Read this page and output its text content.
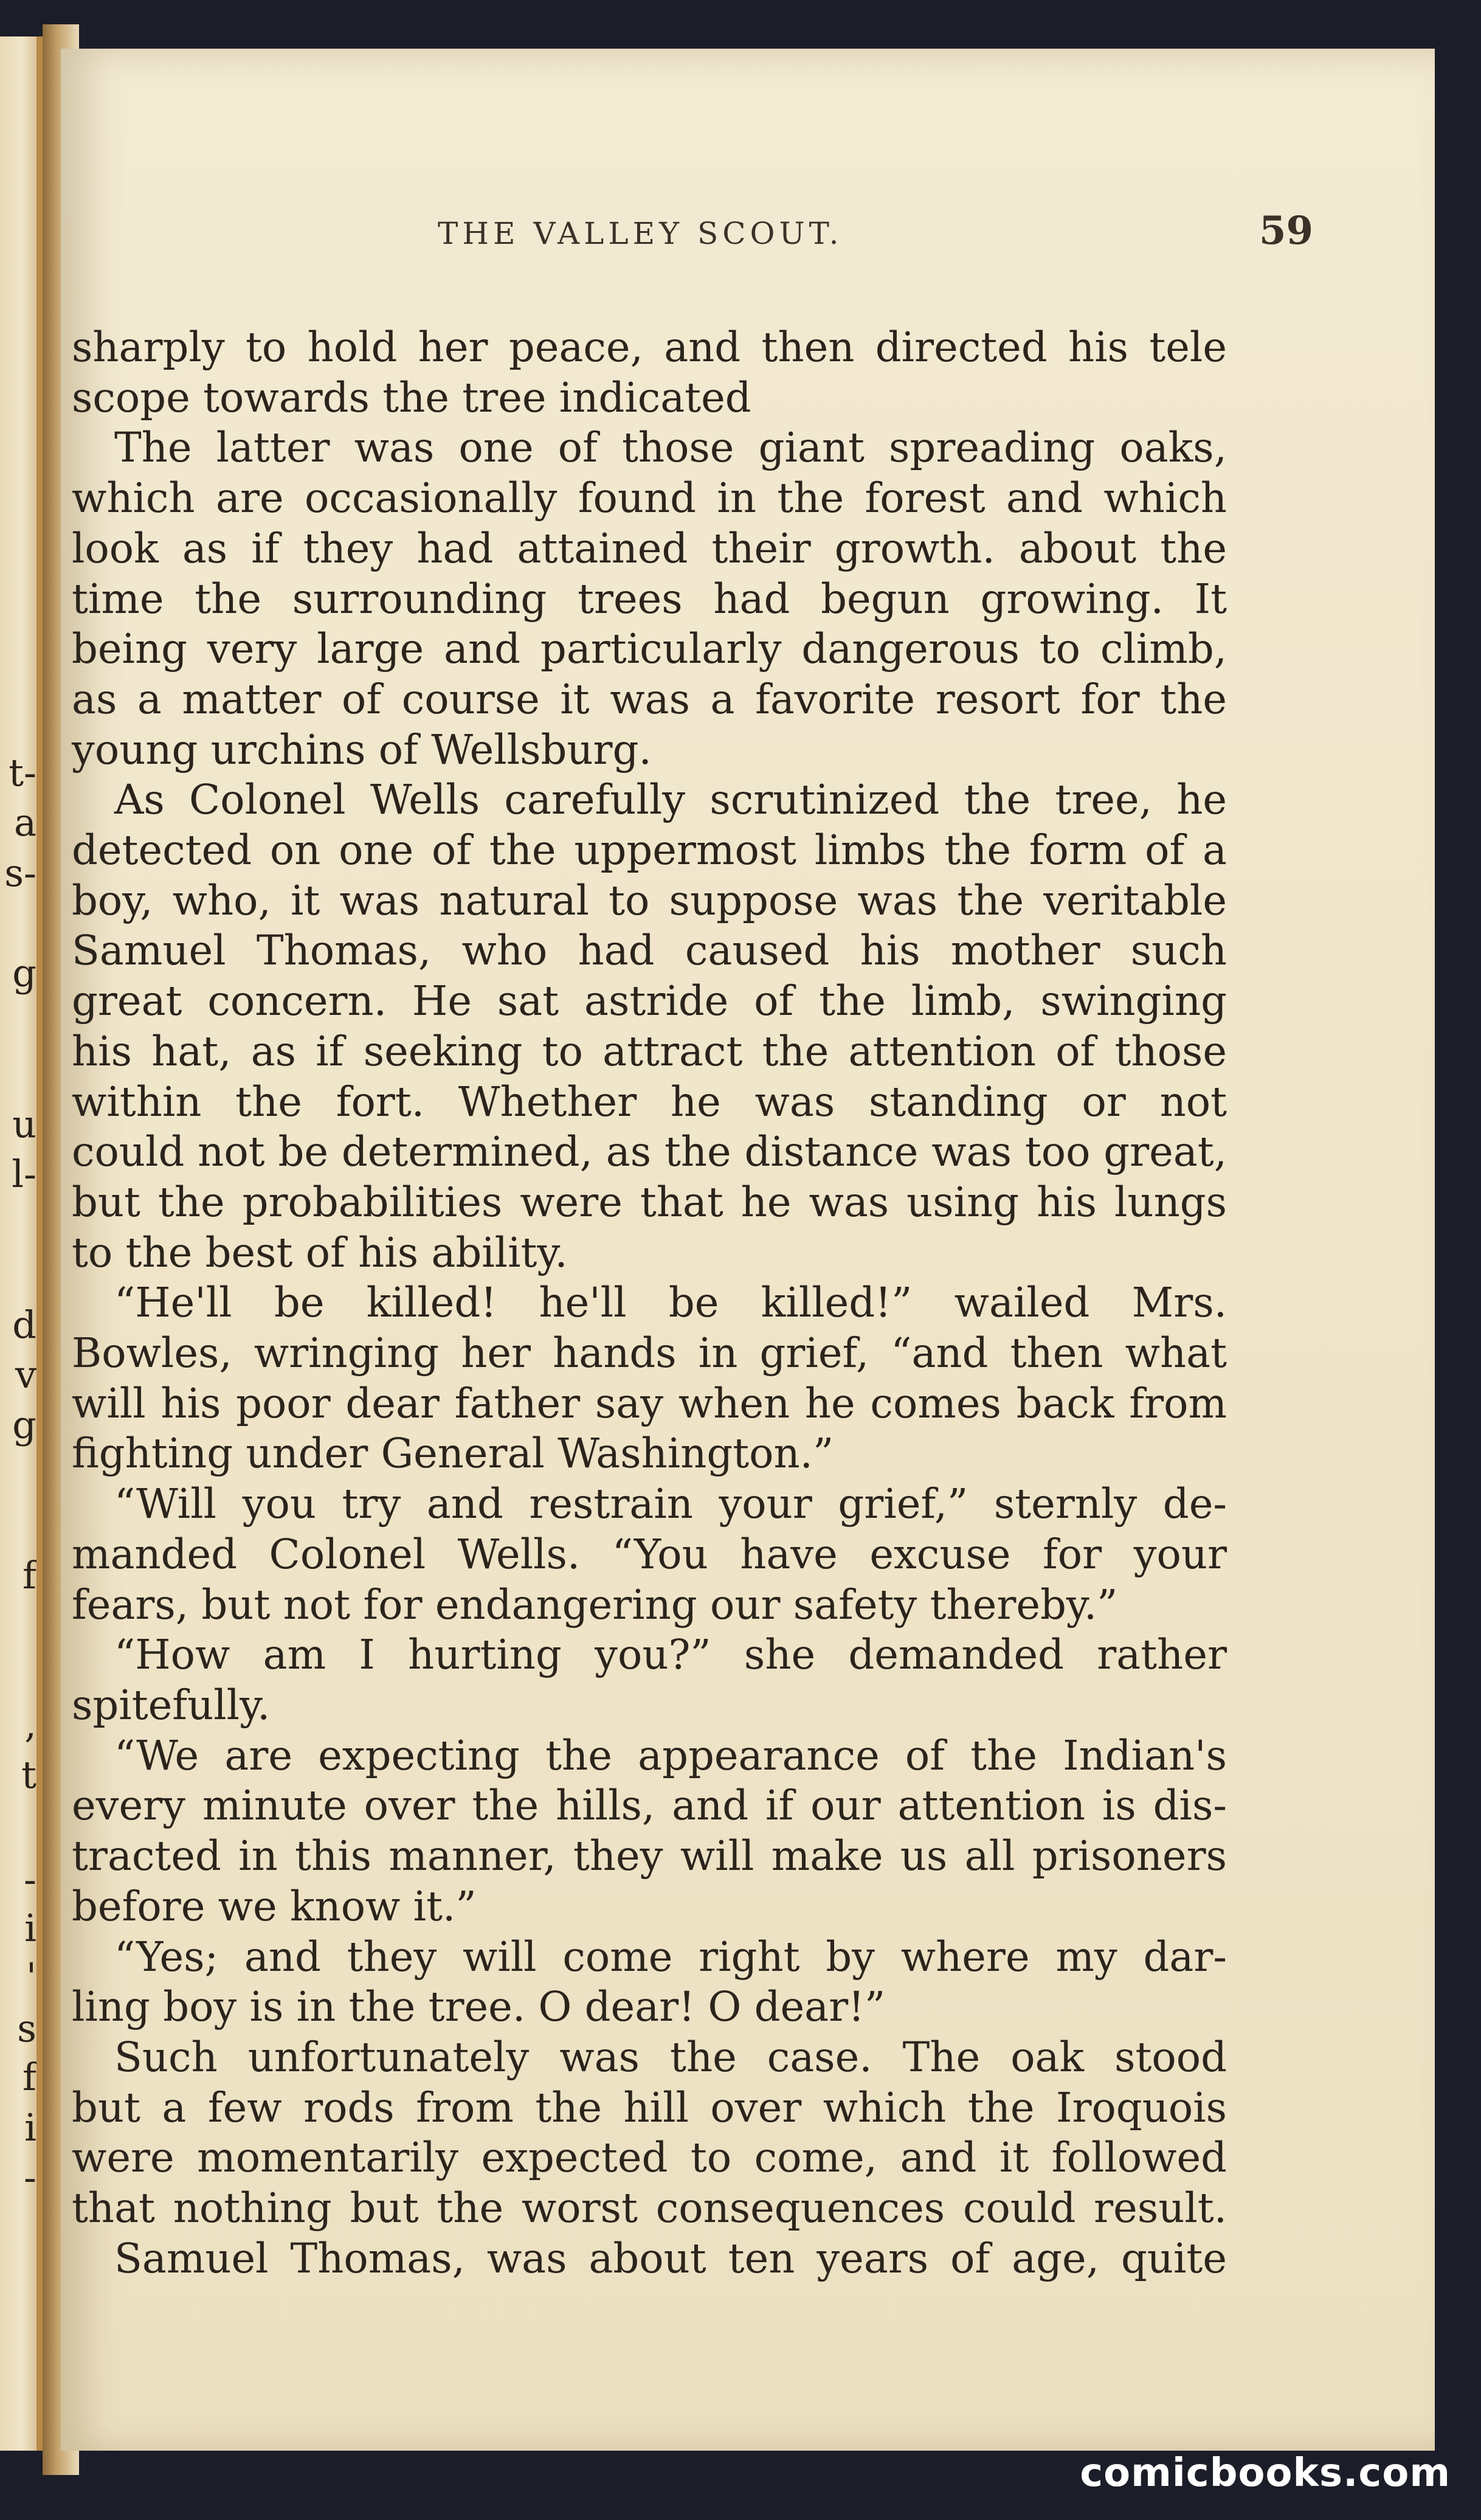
t-
a
s-
g
u
l-
d
v
g
f
,
t
-
i
'
s
f
i
-
THE VALLEY SCOUT.	59
sharply to hold her peace, and then directed his tele
scope towards the tree indicated
The latter was one of those giant spreading oaks,
which are occasionally found in the forest and which
look as if they had attained their growth. about the
time the surrounding trees had begun growing. It
being very large and particularly dangerous to climb,
as a matter of course it was a favorite resort for the
young urchins of Wellsburg.
As Colonel Wells carefully scrutinized the tree, he
detected on one of the uppermost limbs the form of a
boy, who, it was natural to suppose was the veritable
Samuel Thomas, who had caused his mother such
great concern. He sat astride of the limb, swinging
his hat, as if seeking to attract the attention of those
within the fort. Whether he was standing or not
could not be determined, as the distance was too great,
but the probabilities were that he was using his lungs
to the best of his ability.
“He'll be killed! he'll be killed!” wailed Mrs.
Bowles, wringing her hands in grief, “and then what
will his poor dear father say when he comes back from
fighting under General Washington.”
“Will you try and restrain your grief,” sternly de-
manded Colonel Wells. “You have excuse for your
fears, but not for endangering our safety thereby.”
“How am I hurting you?” she demanded rather
spitefully.
“We are expecting the appearance of the Indian's
every minute over the hills, and if our attention is dis-
tracted in this manner, they will make us all prisoners
before we know it.”
“Yes; and they will come right by where my dar-
ling boy is in the tree. O dear! O dear!”
Such unfortunately was the case. The oak stood
but a few rods from the hill over which the Iroquois
were momentarily expected to come, and it followed
that nothing but the worst consequences could result.
Samuel Thomas, was about ten years of age, quite
comicbooks.com
